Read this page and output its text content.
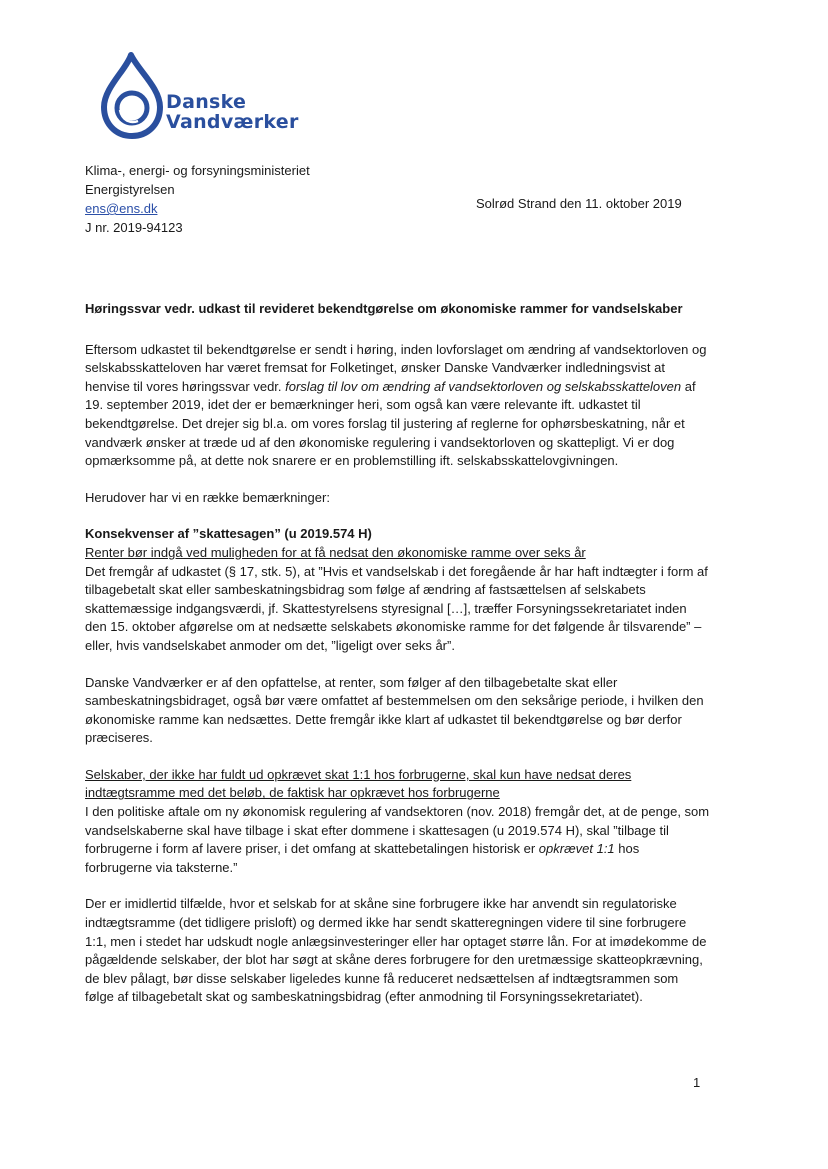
Danske
Vandværker
Klima-, energi- og forsyningsministeriet
Energistyrelsen
ens@ens.dk
J nr. 2019-94123
Solrød Strand den 11. oktober 2019

Høringssvar vedr. udkast til revideret bekendtgørelse om økonomiske rammer for vandselskaber

Eftersom udkastet til bekendtgørelse er sendt i høring, inden lovforslaget om ændring af vandsektorloven og selskabsskatteloven har været fremsat for Folketinget, ønsker Danske Vandværker indledningsvist at henvise til vores høringssvar vedr. forslag til lov om ændring af vandsektorloven og selskabsskatteloven af 19. september 2019, idet der er bemærkninger heri, som også kan være relevante ift. udkastet til bekendtgørelse. Det drejer sig bl.a. om vores forslag til justering af reglerne for ophørsbeskatning, når et vandværk ønsker at træde ud af den økonomiske regulering i vandsektorloven og skattepligt. Vi er dog opmærksomme på, at dette nok snarere er en problemstilling ift. selskabsskattelovgivningen.

Herudover har vi en række bemærkninger:

Konsekvenser af ”skattesagen” (u 2019.574 H)
Renter bør indgå ved muligheden for at få nedsat den økonomiske ramme over seks år

Det fremgår af udkastet (§ 17, stk. 5), at ”Hvis et vandselskab i det foregående år har haft indtægter i form af tilbagebetalt skat eller sambeskatningsbidrag som følge af ændring af fastsættelsen af selskabets skattemæssige indgangsværdi, jf. Skattestyrelsens styresignal […], træffer Forsyningssekretariatet inden den 15. oktober afgørelse om at nedsætte selskabets økonomiske ramme for det følgende år tilsvarende” – eller, hvis vandselskabet anmoder om det, ”ligeligt over seks år”.

Danske Vandværker er af den opfattelse, at renter, som følger af den tilbagebetalte skat eller sambeskatningsbidraget, også bør være omfattet af bestemmelsen om den seksårige periode, i hvilken den økonomiske ramme kan nedsættes. Dette fremgår ikke klart af udkastet til bekendtgørelse og bør derfor præciseres.

Selskaber, der ikke har fuldt ud opkrævet skat 1:1 hos forbrugerne, skal kun have nedsat deres indtægtsramme med det beløb, de faktisk har opkrævet hos forbrugerne

I den politiske aftale om ny økonomisk regulering af vandsektoren (nov. 2018) fremgår det, at de penge, som vandselskaberne skal have tilbage i skat efter dommene i skattesagen (u 2019.574 H), skal ”tilbage til forbrugerne i form af lavere priser, i det omfang at skattebetalingen historisk er opkrævet 1:1 hos forbrugerne via taksterne.”

Der er imidlertid tilfælde, hvor et selskab for at skåne sine forbrugere ikke har anvendt sin regulatoriske indtægtsramme (det tidligere prisloft) og dermed ikke har sendt skatteregningen videre til sine forbrugere 1:1, men i stedet har udskudt nogle anlægsinvesteringer eller har optaget større lån. For at imødekomme de pågældende selskaber, der blot har søgt at skåne deres forbrugere for den uretmæssige skatteopkrævning, de blev pålagt, bør disse selskaber ligeledes kunne få reduceret nedsættelsen af indtægtsrammen som følge af tilbagebetalt skat og sambeskatningsbidrag (efter anmodning til Forsyningssekretariatet).

1
